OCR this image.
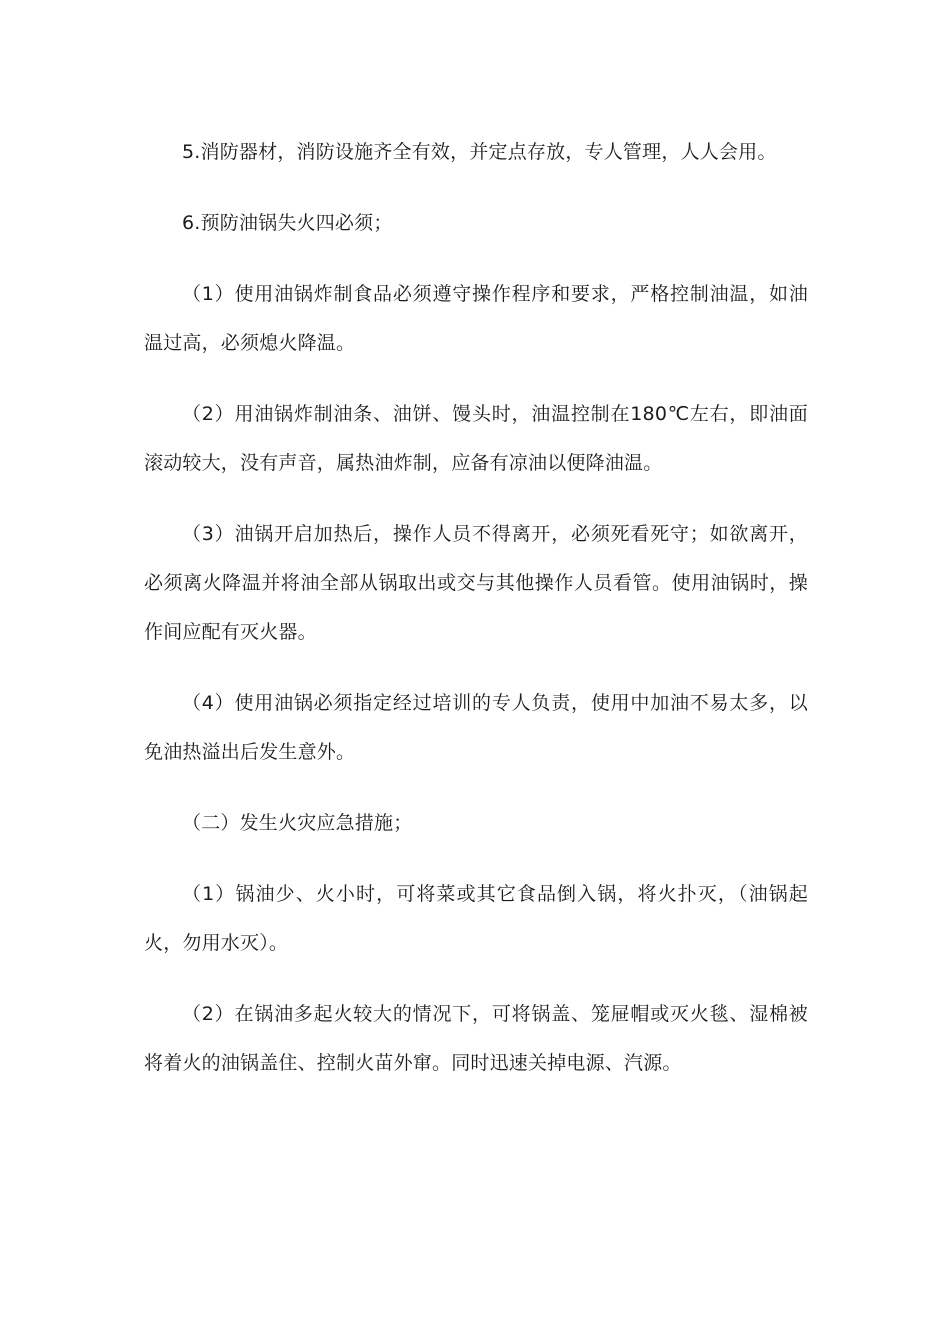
5.消防器材，消防设施齐全有效，并定点存放，专人管理，人人会用。

6.预防油锅失火四必须；

（1）使用油锅炸制食品必须遵守操作程序和要求，严格控制油温，如油温过高，必须熄火降温。

（2）用油锅炸制油条、油饼、馒头时，油温控制在180℃左右，即油面滚动较大，没有声音，属热油炸制，应备有凉油以便降油温。

（3）油锅开启加热后，操作人员不得离开，必须死看死守；如欲离开，必须离火降温并将油全部从锅取出或交与其他操作人员看管。使用油锅时，操作间应配有灭火器。

（4）使用油锅必须指定经过培训的专人负责，使用中加油不易太多，以免油热溢出后发生意外。

（二）发生火灾应急措施；

（1）锅油少、火小时，可将菜或其它食品倒入锅，将火扑灭，（油锅起火，勿用水灭）。

（2）在锅油多起火较大的情况下，可将锅盖、笼屉帽或灭火毯、湿棉被将着火的油锅盖住、控制火苗外窜。同时迅速关掉电源、汽源。
